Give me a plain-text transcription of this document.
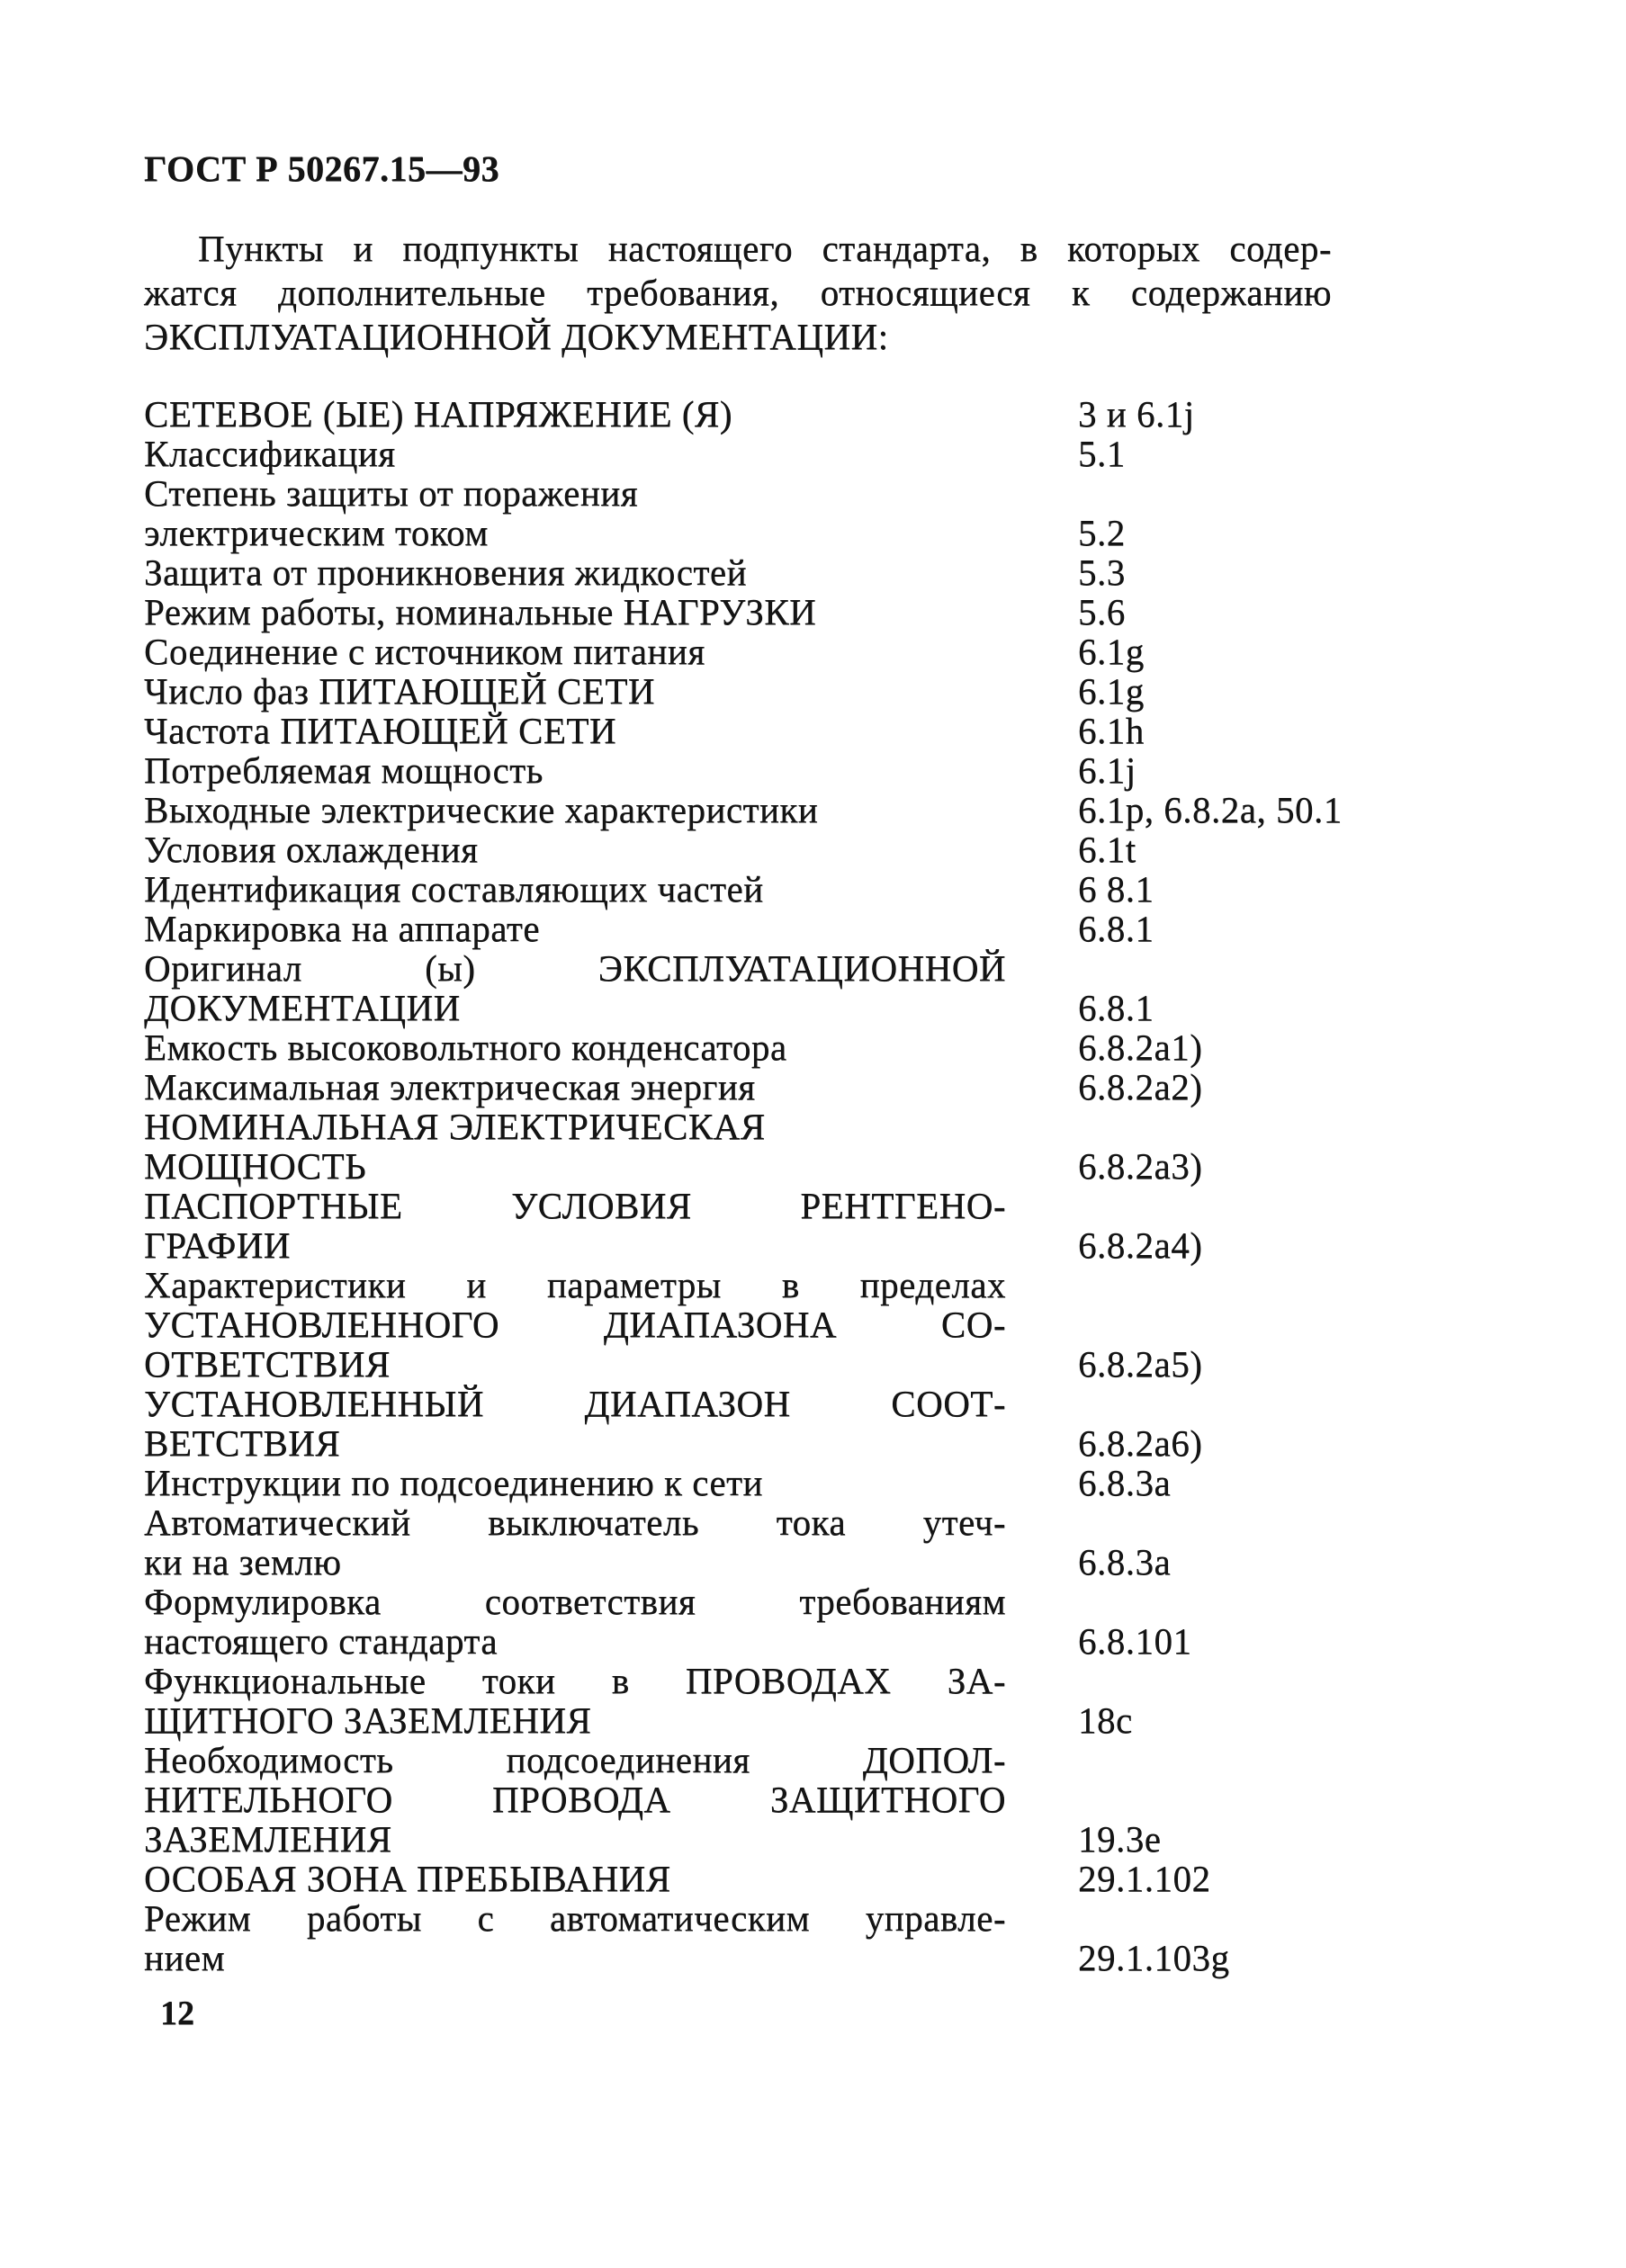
ГОСТ Р 50267.15—93
Пункты и подпункты настоящего стандарта, в которых содер-
жатся дополнительные требования, относящиеся к содержанию
ЭКСПЛУАТАЦИОННОЙ ДОКУМЕНТАЦИИ:
СЕТЕВОЕ (ЫЕ) НАПРЯЖЕНИЕ (Я)	3 и 6.1j
Классификация	5.1
Степень защиты от поражения
электрическим током	5.2
Защита от проникновения жидкостей	5.3
Режим работы, номинальные НАГРУЗКИ	5.6
Соединение с источником питания	6.1g
Число фаз ПИТАЮЩЕЙ СЕТИ	6.1g
Частота ПИТАЮЩЕЙ СЕТИ	6.1h
Потребляемая мощность	6.1j
Выходные электрические характеристики	6.1p, 6.8.2a, 50.1
Условия охлаждения	6.1t
Идентификация составляющих частей	6 8.1
Маркировка на аппарате	6.8.1
Оригинал (ы) ЭКСПЛУАТАЦИОННОЙ
ДОКУМЕНТАЦИИ	6.8.1
Емкость высоковольтного конденсатора	6.8.2a1)
Максимальная электрическая энергия	6.8.2a2)
НОМИНАЛЬНАЯ ЭЛЕКТРИЧЕСКАЯ
МОЩНОСТЬ	6.8.2a3)
ПАСПОРТНЫЕ УСЛОВИЯ РЕНТГЕНО-
ГРАФИИ	6.8.2a4)
Характеристики и параметры в пределах
УСТАНОВЛЕННОГО ДИАПАЗОНА СО-
ОТВЕТСТВИЯ	6.8.2a5)
УСТАНОВЛЕННЫЙ ДИАПАЗОН СООТ-
ВЕТСТВИЯ	6.8.2a6)
Инструкции по подсоединению к сети	6.8.3a
Автоматический выключатель тока утеч-
ки на землю	6.8.3a
Формулировка соответствия требованиям
настоящего стандарта	6.8.101
Функциональные токи в ПРОВОДАХ ЗА-
ЩИТНОГО ЗАЗЕМЛЕНИЯ	18c
Необходимость подсоединения ДОПОЛ-
НИТЕЛЬНОГО ПРОВОДА ЗАЩИТНОГО
ЗАЗЕМЛЕНИЯ	19.3e
ОСОБАЯ ЗОНА ПРЕБЫВАНИЯ	29.1.102
Режим работы с автоматическим управле-
нием	29.1.103g
12
